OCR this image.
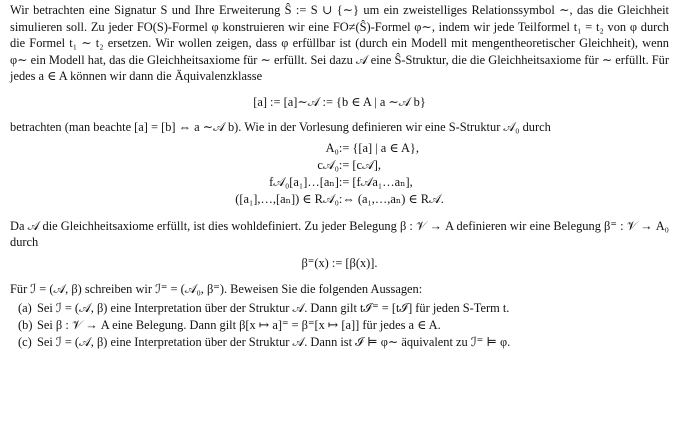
Wir betrachten eine Signatur S und Ihre Erweiterung Ŝ := S ∪ {∼} um ein zweistelliges Relationssymbol ∼, das die Gleichheit simulieren soll. Zu jeder FO(S)-Formel φ konstruieren wir eine FO≠(Ŝ)-Formel φ∼, indem wir jede Teilformel t₁ = t₂ von φ durch die Formel t₁ ∼ t₂ ersetzen. Wir wollen zeigen, dass φ erfüllbar ist (durch ein Modell mit mengentheoretischer Gleichheit), wenn φ∼ ein Modell hat, das die Gleichheitsaxiome für ∼ erfüllt. Sei dazu 𝒜 eine Ŝ-Struktur, die die Gleichheitsaxiome für ∼ erfüllt. Für jedes a ∈ A können wir dann die Äquivalenzklasse

[a] := [a]∼𝒜 := {b ∈ A | a ∼𝒜 b}

betrachten (man beachte [a] = [b] ⇔ a ∼𝒜 b). Wie in der Vorlesung definieren wir eine S-Struktur 𝒜₀ durch

A₀	:= {[a] | a ∈ A},
c𝒜₀	:= [c𝒜],
f𝒜₀[a₁]…[aₙ]	:= [f𝒜a₁…aₙ],
([a₁],…,[aₙ]) ∈ R𝒜₀	:⇔ (a₁,…,aₙ) ∈ R𝒜.

Da 𝒜 die Gleichheitsaxiome erfüllt, ist dies wohldefiniert. Zu jeder Belegung β : 𝒱 → A definieren wir eine Belegung β⁼ : 𝒱 → A₀ durch

β⁼(x) := [β(x)].

Für ℐ = (𝒜, β) schreiben wir ℐ⁼ = (𝒜₀, β⁼). Beweisen Sie die folgenden Aussagen:

(a) Sei ℐ = (𝒜, β) eine Interpretation über der Struktur 𝒜. Dann gilt tℐ⁼ = [tℐ] für jeden S-Term t.
(b) Sei β : 𝒱 → A eine Belegung. Dann gilt β[x ↦ a]⁼ = β⁼[x ↦ [a]] für jedes a ∈ A.
(c) Sei ℐ = (𝒜, β) eine Interpretation über der Struktur 𝒜. Dann ist ℐ ⊨ φ∼ äquivalent zu ℐ⁼ ⊨ φ.
